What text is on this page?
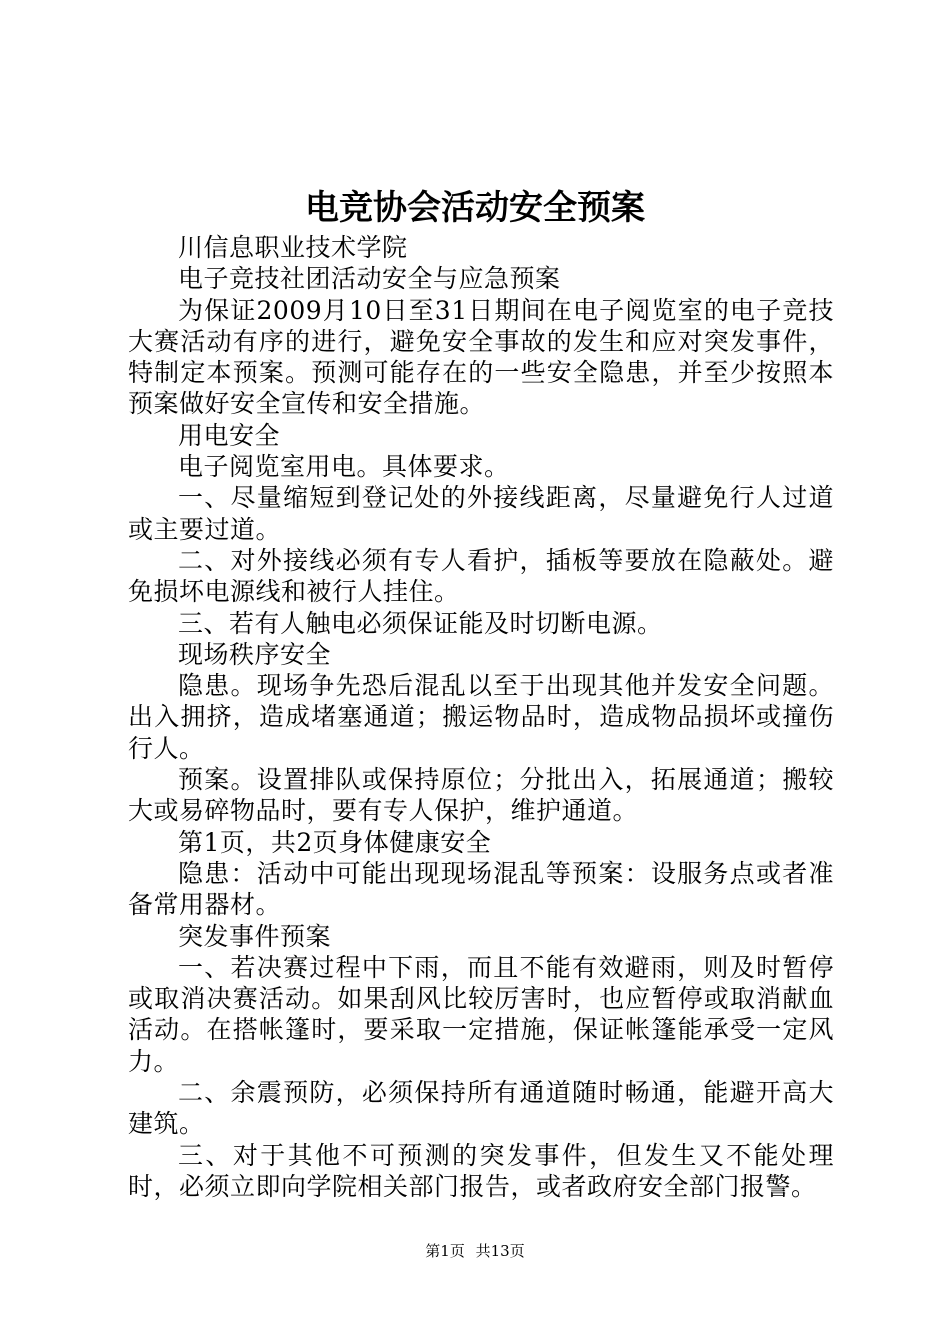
电竞协会活动安全预案

川信息职业技术学院

电子竞技社团活动安全与应急预案

为保证2009月10日至31日期间在电子阅览室的电子竞技大赛活动有序的进行，避免安全事故的发生和应对突发事件，特制定本预案。预测可能存在的一些安全隐患，并至少按照本预案做好安全宣传和安全措施。

用电安全

电子阅览室用电。具体要求。

一、尽量缩短到登记处的外接线距离，尽量避免行人过道或主要过道。

二、对外接线必须有专人看护，插板等要放在隐蔽处。避免损坏电源线和被行人挂住。

三、若有人触电必须保证能及时切断电源。

现场秩序安全

隐患。现场争先恐后混乱以至于出现其他并发安全问题。出入拥挤，造成堵塞通道；搬运物品时，造成物品损坏或撞伤行人。

预案。设置排队或保持原位；分批出入，拓展通道；搬较大或易碎物品时，要有专人保护，维护通道。

第1页，共2页身体健康安全

隐患：活动中可能出现现场混乱等预案：设服务点或者准备常用器材。

突发事件预案

一、若决赛过程中下雨，而且不能有效避雨，则及时暂停或取消决赛活动。如果刮风比较厉害时，也应暂停或取消献血活动。在搭帐篷时，要采取一定措施，保证帐篷能承受一定风力。

二、余震预防，必须保持所有通道随时畅通，能避开高大建筑。

三、对于其他不可预测的突发事件，但发生又不能处理时，必须立即向学院相关部门报告，或者政府安全部门报警。

第1页 共13页
